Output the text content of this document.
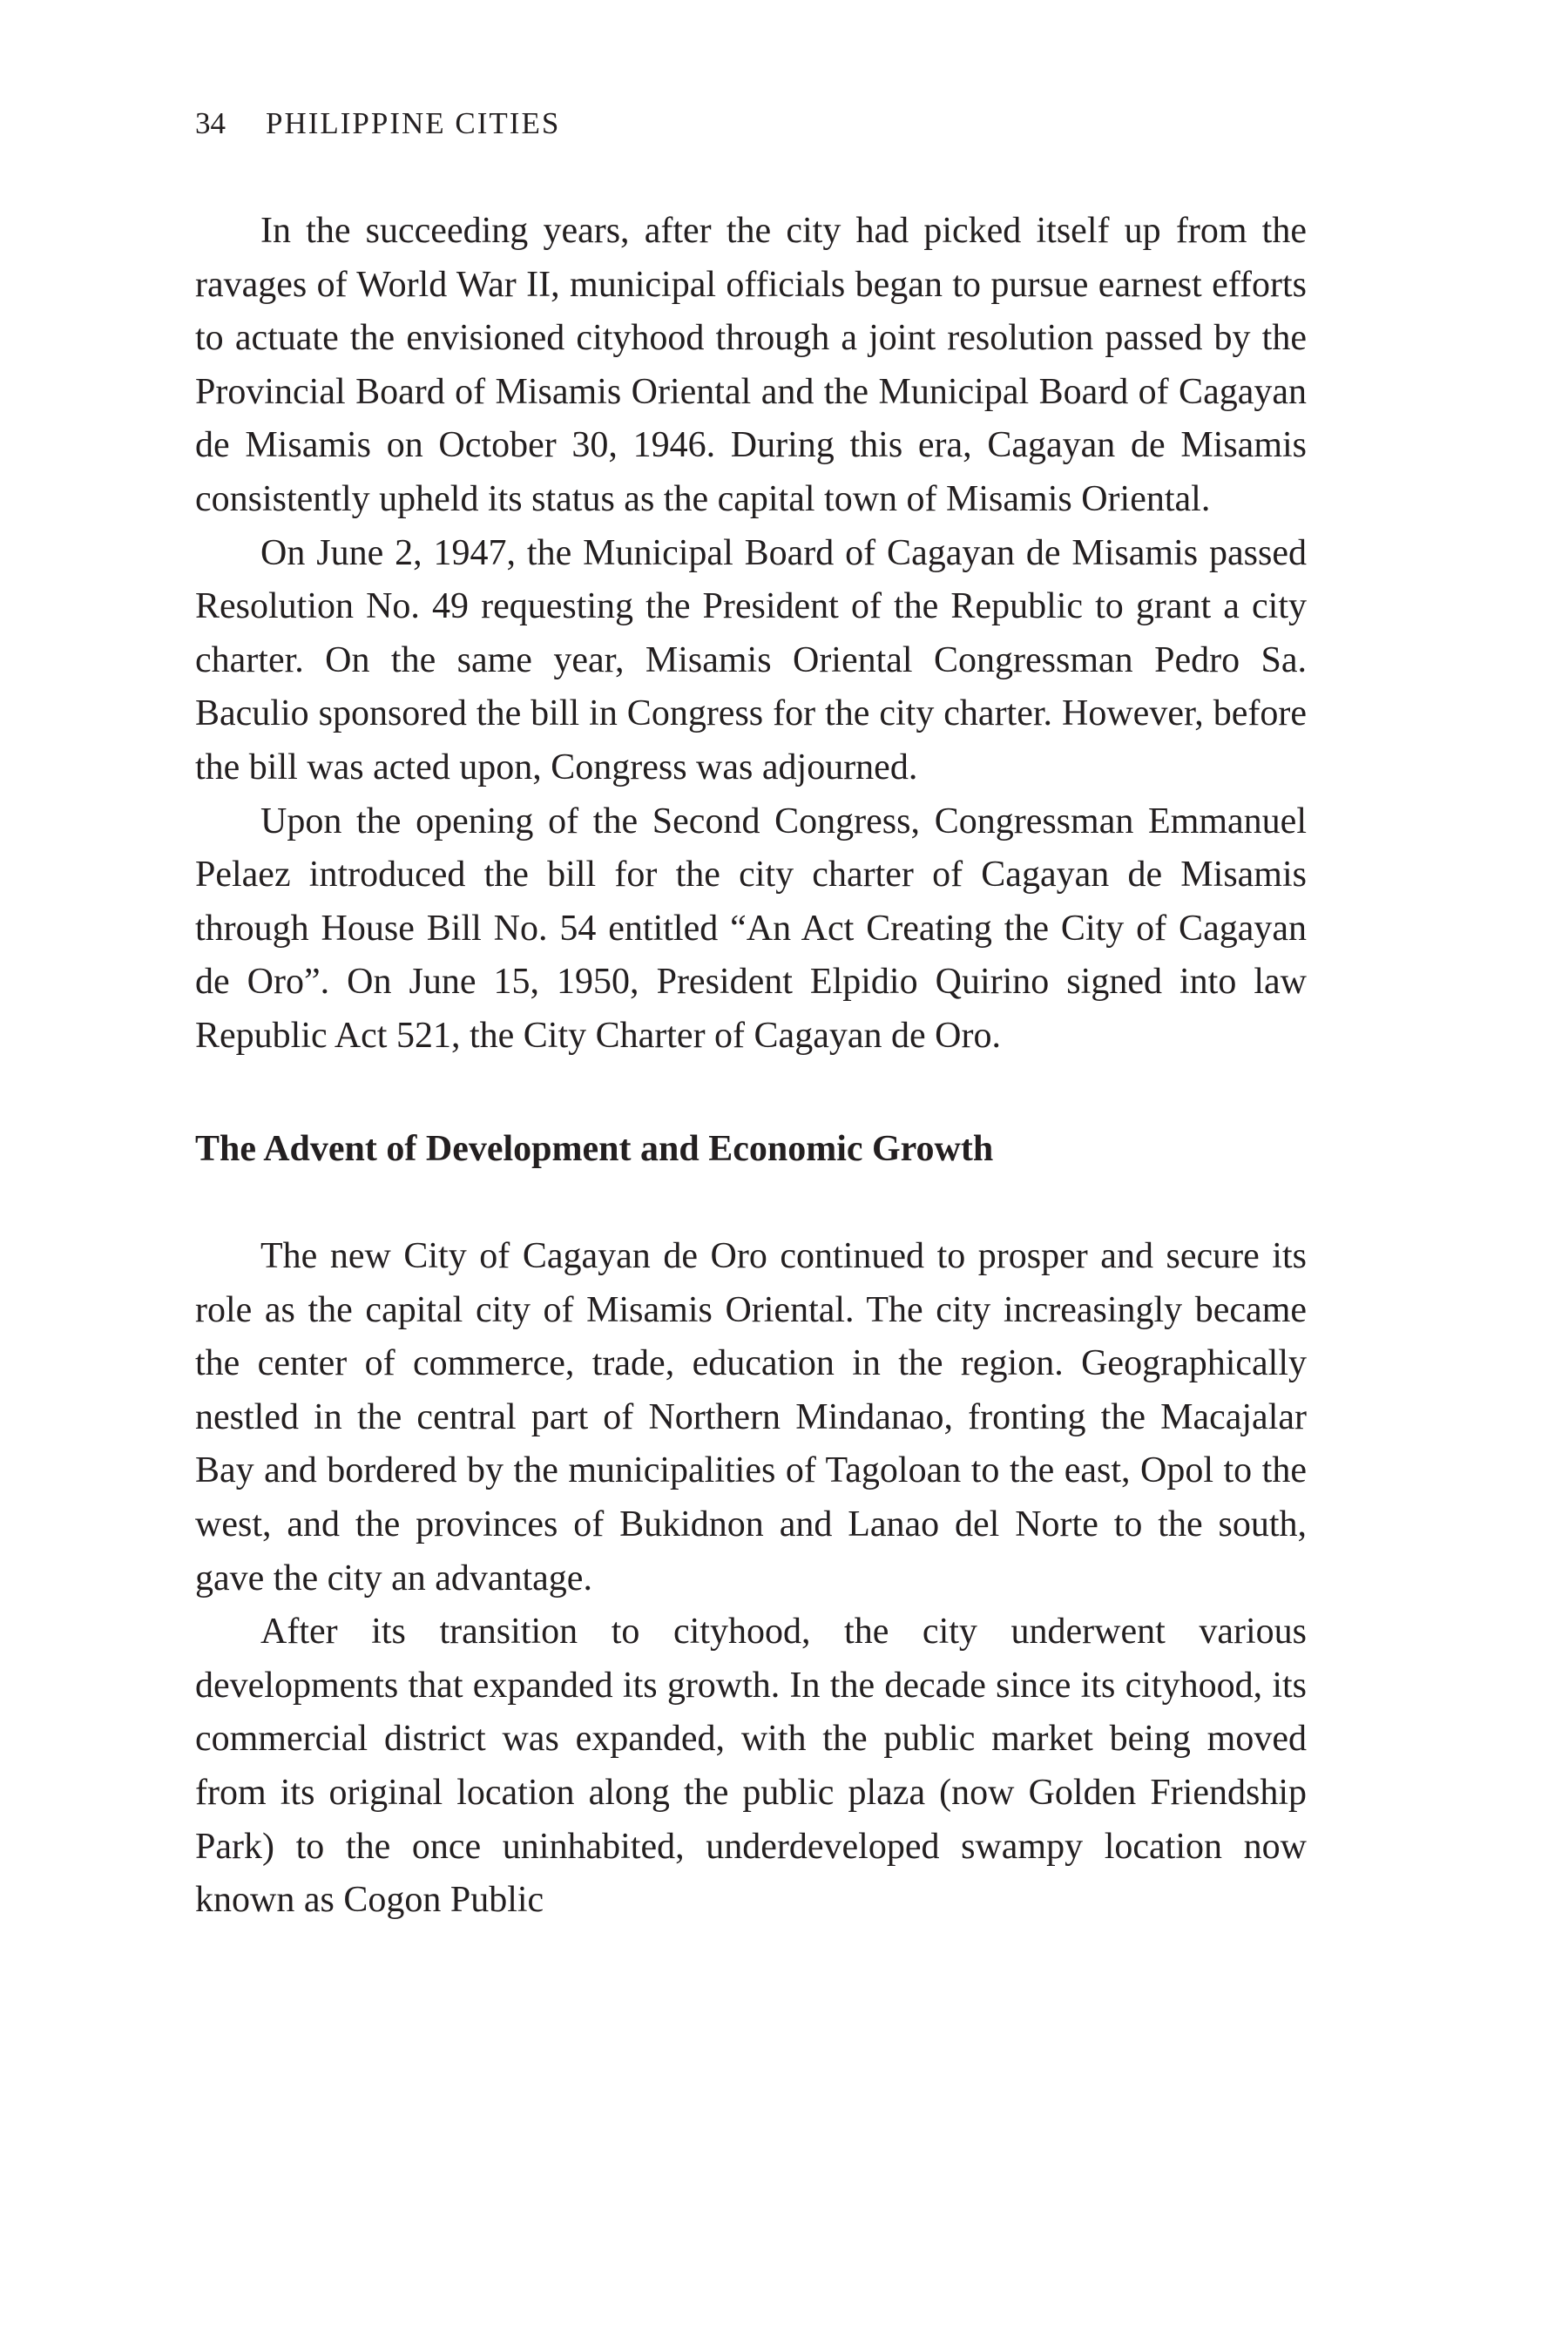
34 PHILIPPINE CITIES

In the succeeding years, after the city had picked itself up from the ravages of World War II, municipal officials began to pursue earnest efforts to actuate the envisioned cityhood through a joint resolution passed by the Provincial Board of Misamis Oriental and the Municipal Board of Cagayan de Misamis on October 30, 1946. During this era, Cagayan de Misamis consistently upheld its status as the capital town of Misamis Oriental.

On June 2, 1947, the Municipal Board of Cagayan de Misamis passed Resolution No. 49 requesting the President of the Republic to grant a city charter. On the same year, Misamis Oriental Congressman Pedro Sa. Baculio sponsored the bill in Congress for the city charter. However, before the bill was acted upon, Congress was adjourned.

Upon the opening of the Second Congress, Congressman Emmanuel Pelaez introduced the bill for the city charter of Cagayan de Misamis through House Bill No. 54 entitled “An Act Creating the City of Cagayan de Oro”. On June 15, 1950, President Elpidio Quirino signed into law Republic Act 521, the City Charter of Cagayan de Oro.

The Advent of Development and Economic Growth

The new City of Cagayan de Oro continued to prosper and secure its role as the capital city of Misamis Oriental. The city increasingly became the center of commerce, trade, education in the region. Geographically nestled in the central part of Northern Mindanao, fronting the Macajalar Bay and bordered by the municipalities of Tagoloan to the east, Opol to the west, and the provinces of Bukidnon and Lanao del Norte to the south, gave the city an advantage.

After its transition to cityhood, the city underwent various developments that expanded its growth. In the decade since its cityhood, its commercial district was expanded, with the public market being moved from its original location along the public plaza (now Golden Friendship Park) to the once uninhabited, underdeveloped swampy location now known as Cogon Public
